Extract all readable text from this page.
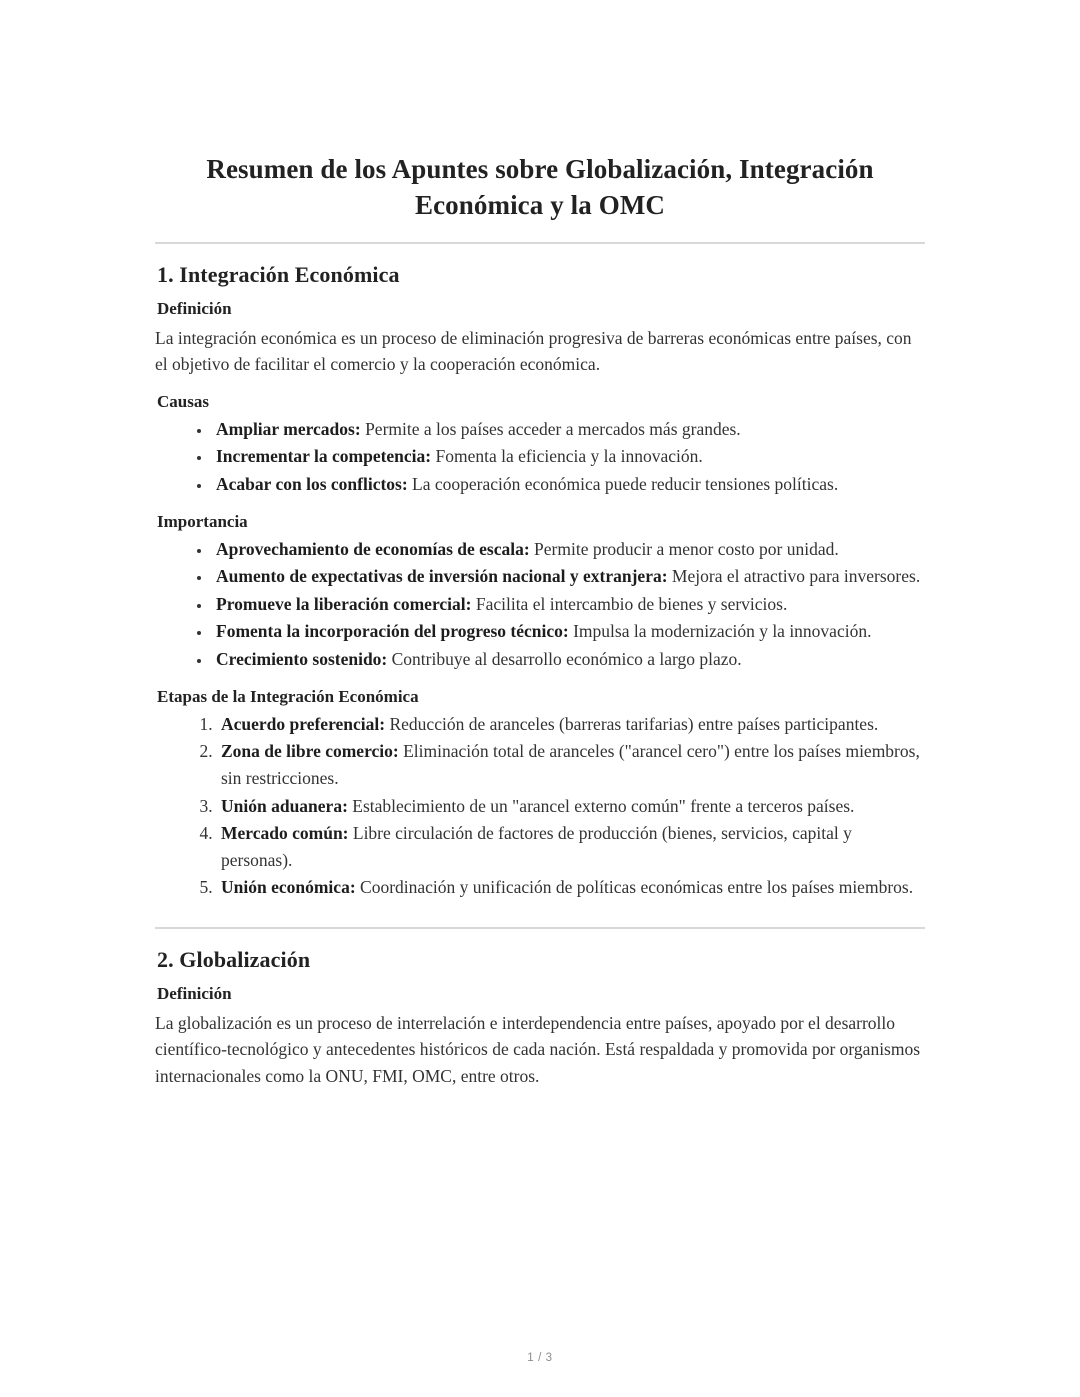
Resumen de los Apuntes sobre Globalización, Integración Económica y la OMC
1. Integración Económica
Definición

La integración económica es un proceso de eliminación progresiva de barreras económicas entre países, con el objetivo de facilitar el comercio y la cooperación económica.

Causas
• Ampliar mercados: Permite a los países acceder a mercados más grandes.
• Incrementar la competencia: Fomenta la eficiencia y la innovación.
• Acabar con los conflictos: La cooperación económica puede reducir tensiones políticas.
Importancia
• Aprovechamiento de economías de escala: Permite producir a menor costo por unidad.
• Aumento de expectativas de inversión nacional y extranjera: Mejora el atractivo para inversores.
• Promueve la liberación comercial: Facilita el intercambio de bienes y servicios.
• Fomenta la incorporación del progreso técnico: Impulsa la modernización y la innovación.
• Crecimiento sostenido: Contribuye al desarrollo económico a largo plazo.
Etapas de la Integración Económica
1. Acuerdo preferencial: Reducción de aranceles (barreras tarifarias) entre países participantes.
2. Zona de libre comercio: Eliminación total de aranceles ("arancel cero") entre los países miembros, sin restricciones.
3. Unión aduanera: Establecimiento de un "arancel externo común" frente a terceros países.
4. Mercado común: Libre circulación de factores de producción (bienes, servicios, capital y personas).
5. Unión económica: Coordinación y unificación de políticas económicas entre los países miembros.
2. Globalización
Definición

La globalización es un proceso de interrelación e interdependencia entre países, apoyado por el desarrollo científico-tecnológico y antecedentes históricos de cada nación. Está respaldada y promovida por organismos internacionales como la ONU, FMI, OMC, entre otros.

1 / 3
